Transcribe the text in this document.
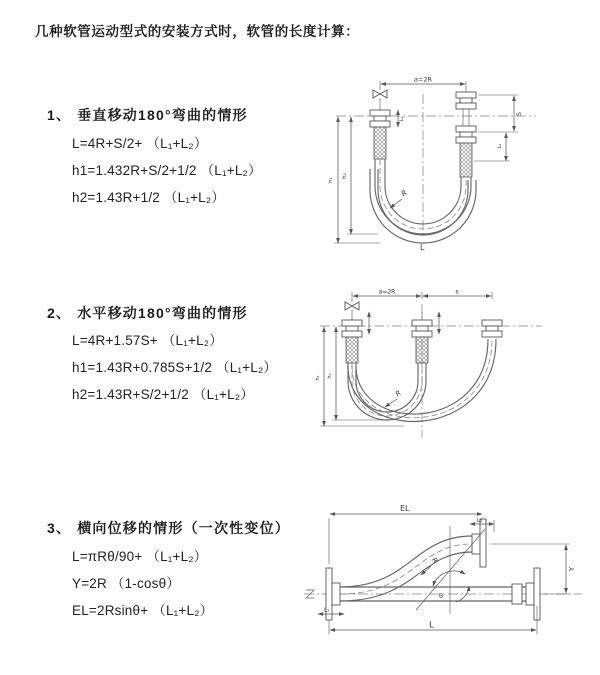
几种软管运动型式的安装方式时，软管的长度计算：
1、 垂直移动180°弯曲的情形
L=4R+S/2+ （L₁+L₂）
h1=1.432R+S/2+1/2 （L₁+L₂）
h2=1.43R+1/2 （L₁+L₂）
a=2R
h₁
h₂
L₁
S
L₂
R
L
2、 水平移动180°弯曲的情形
L=4R+1.57S+ （L₁+L₂）
h1=1.43R+0.785S+1/2 （L₁+L₂）
h2=1.43R+S/2+1/2 （L₁+L₂）
a=2R	s
h₁ h₂
R
3、 横向位移的情形（一次性变位）
L=πRθ/90+ （L₁+L₂）
Y=2R （1-cosθ）
EL=2Rsinθ+ （L₁+L₂）
EL
L₂
Y
L₁
L
R
θ
